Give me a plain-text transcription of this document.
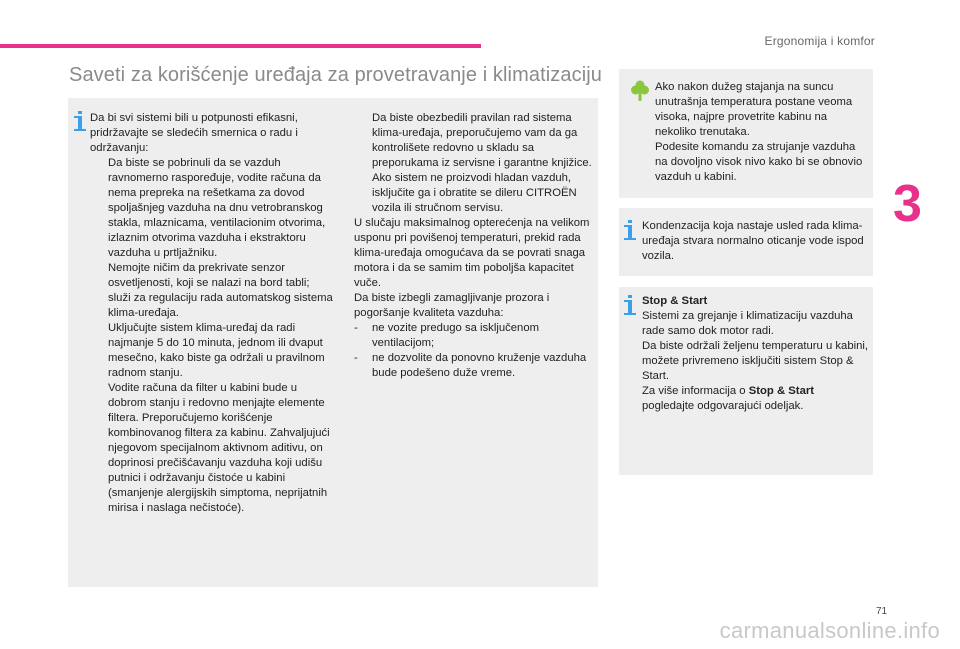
Ergonomija i komfor
3
Saveti za korišćenje uređaja za provetravanje i klimatizaciju

Da bi svi sistemi bili u potpunosti efikasni, pridržavajte se sledećih smernica o radu i održavanju:

Da biste se pobrinuli da se vazduh ravnomerno raspoređuje, vodite računa da nema prepreka na rešetkama za dovod spoljašnjeg vazduha na dnu vetrobranskog stakla, mlaznicama, ventilacionim otvorima, izlaznim otvorima vazduha i ekstraktoru vazduha u prtljažniku.
Nemojte ničim da prekrivate senzor osvetljenosti, koji se nalazi na bord tabli; služi za regulaciju rada automatskog sistema klima-uređaja.
Uključujte sistem klima-uređaj da radi najmanje 5 do 10 minuta, jednom ili dvaput mesečno, kako biste ga održali u pravilnom radnom stanju.
Vodite računa da filter u kabini bude u dobrom stanju i redovno menjajte elemente filtera. Preporučujemo korišćenje kombinovanog filtera za kabinu. Zahvaljujući njegovom specijalnom aktivnom aditivu, on doprinosi prečišćavanju vazduha koji udišu putnici i održavanju čistoće u kabini (smanjenje alergijskih simptoma, neprijatnih mirisa i naslaga nečistoće).
Da biste obezbedili pravilan rad sistema klima-uređaja, preporučujemo vam da ga kontrolišete redovno u skladu sa preporukama iz servisne i garantne knjižice.
Ako sistem ne proizvodi hladan vazduh, isključite ga i obratite se dileru CITROËN vozila ili stručnom servisu.

U slučaju maksimalnog opterećenja na velikom usponu pri povišenoj temperaturi, prekid rada klima-uređaja omogućava da se povrati snaga motora i da se samim tim poboljša kapacitet vuče.

Da biste izbegli zamagljivanje prozora i pogoršanje kvaliteta vazduha:

- ne vozite predugo sa isključenom ventilacijom;
- ne dozvolite da ponovno kruženje vazduha bude podešeno duže vreme.

Ako nakon dužeg stajanja na suncu unutrašnja temperatura postane veoma visoka, najpre provetrite kabinu na nekoliko trenutaka.

Podesite komandu za strujanje vazduha na dovoljno visok nivo kako bi se obnovio vazduh u kabini.

Kondenzacija koja nastaje usled rada klima-uređaja stvara normalno oticanje vode ispod vozila.

Stop & Start

Sistemi za grejanje i klimatizaciju vazduha rade samo dok motor radi.

Da biste održali željenu temperaturu u kabini, možete privremeno isključiti sistem Stop & Start.

Za više informacija o Stop & Start
pogledajte odgovarajući odeljak.

71
carmanualsonline.info
